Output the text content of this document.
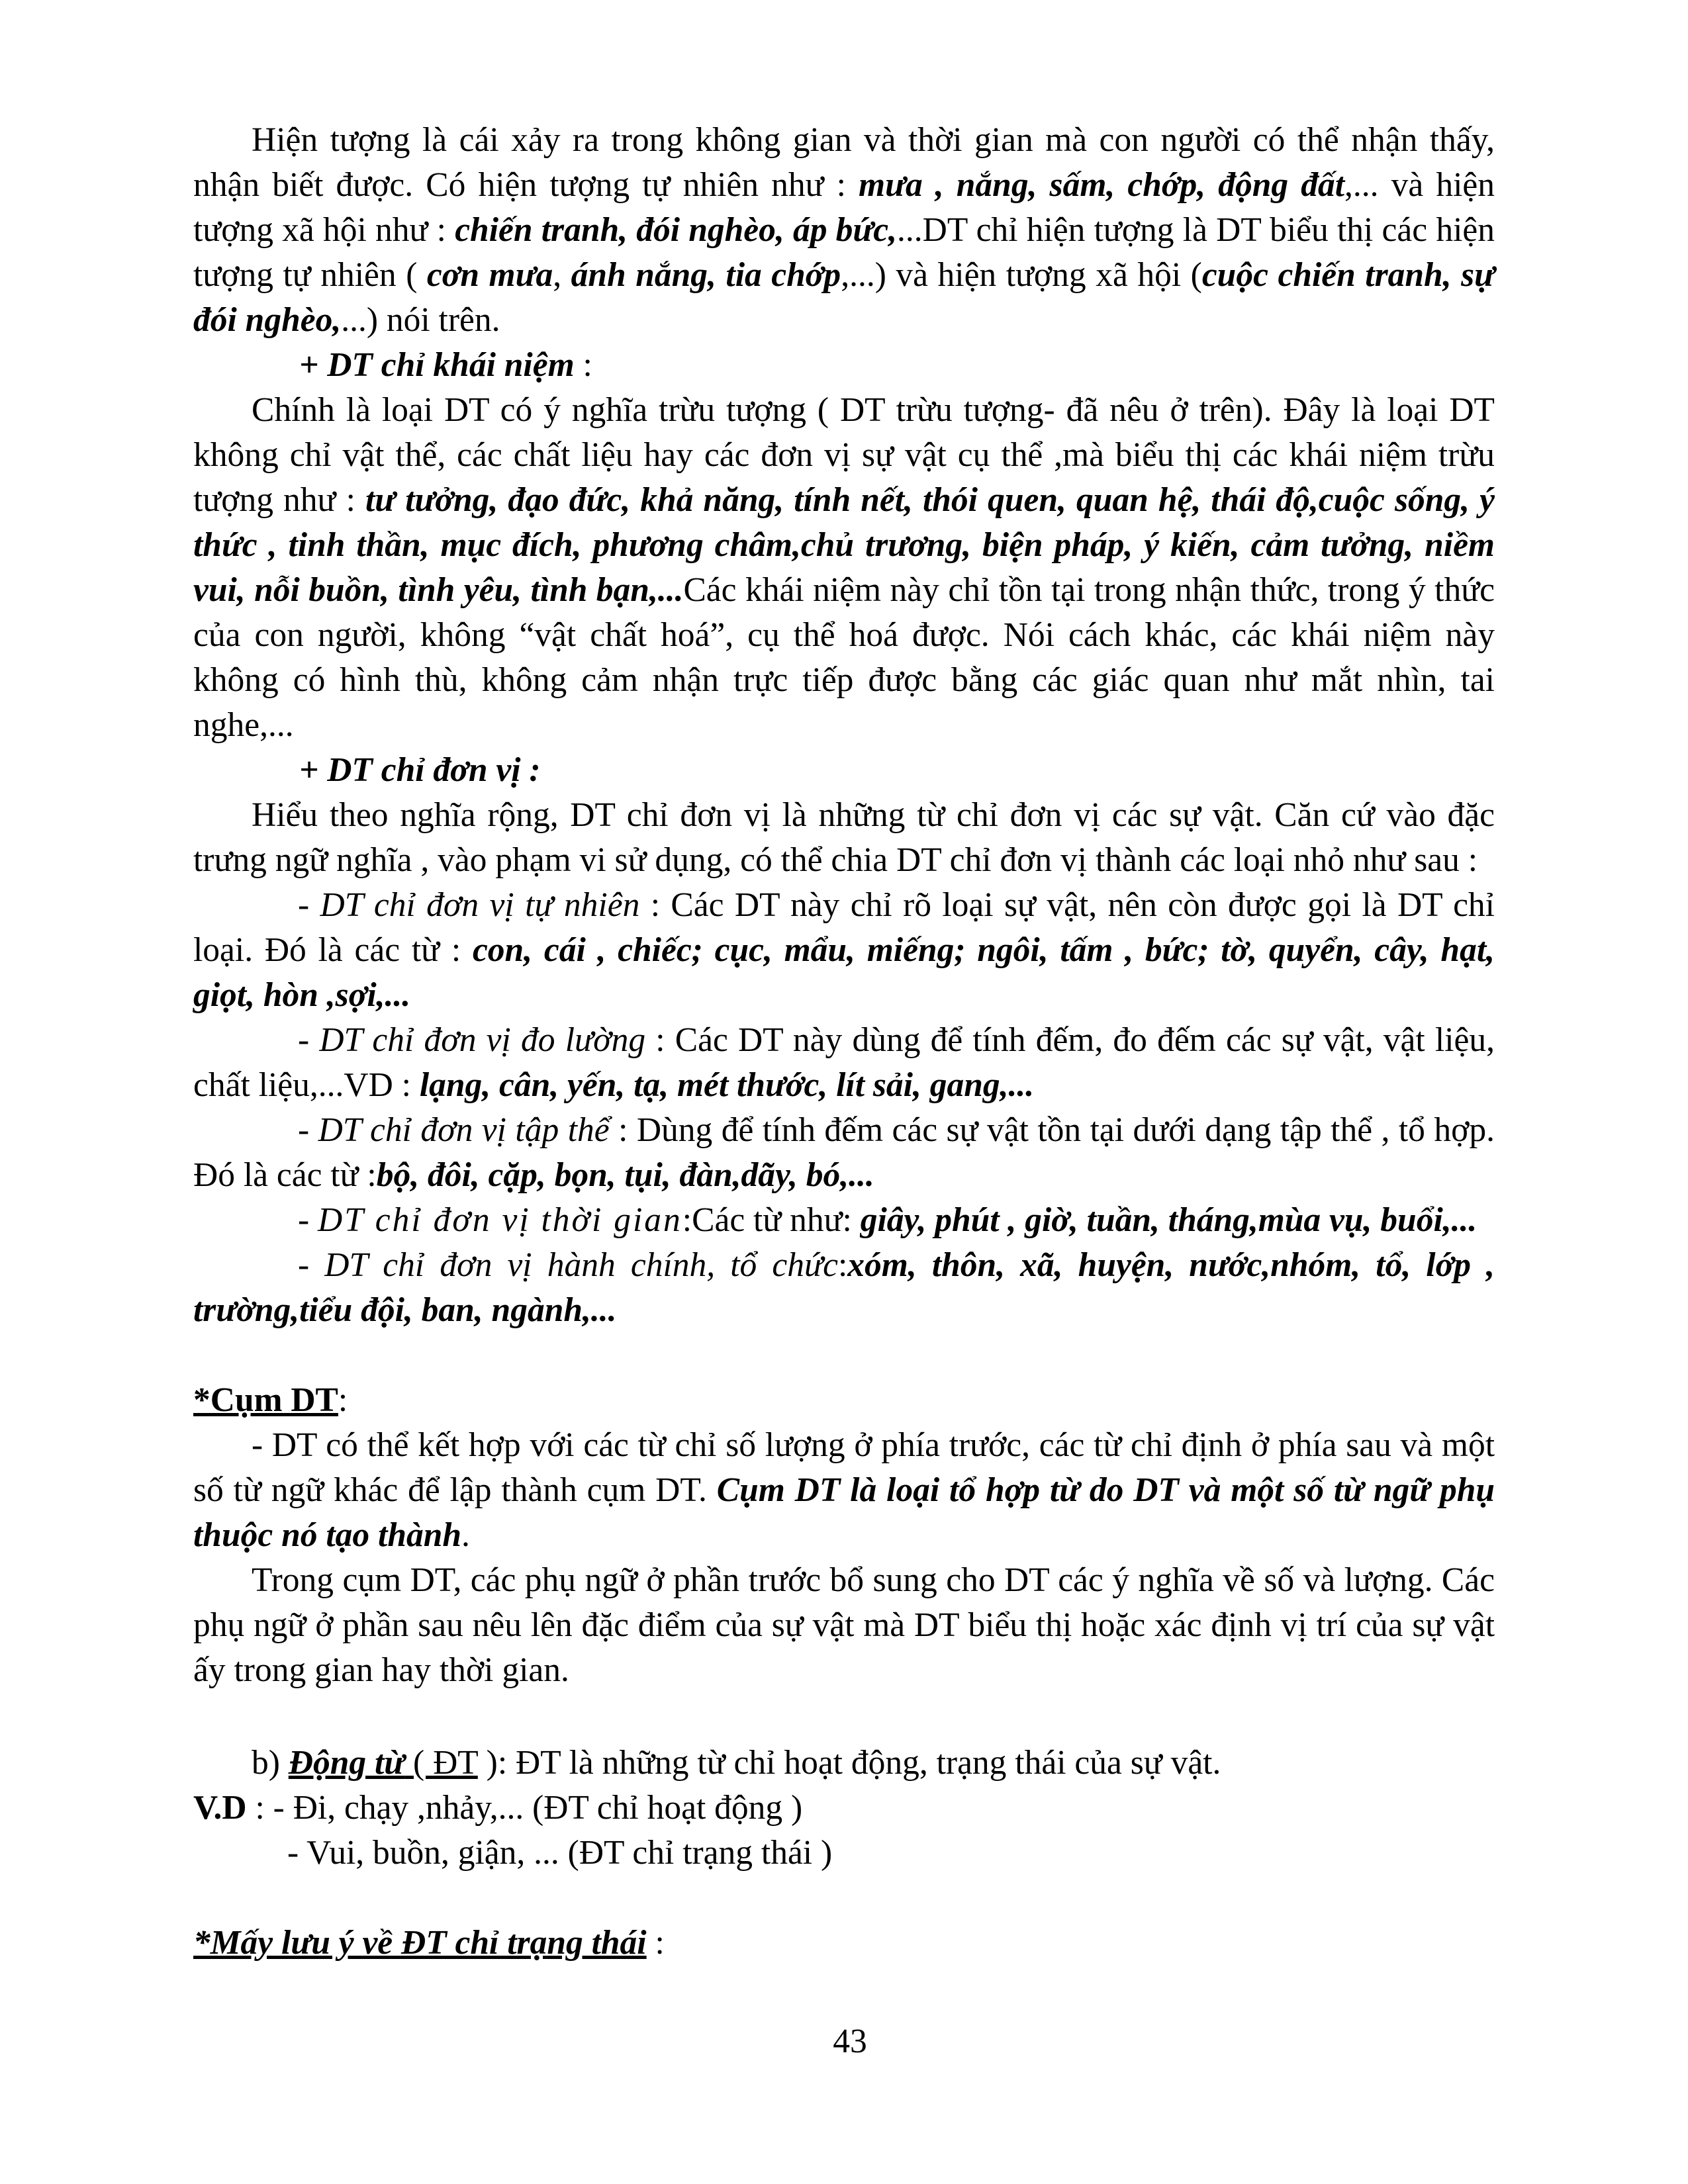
Hiện tượng là cái xảy ra trong không gian và thời gian mà con người có thể nhận thấy, nhận biết được. Có hiện tượng tự nhiên như : mưa , nắng, sấm, chớp, động đất,... và hiện tượng xã hội như : chiến tranh, đói nghèo, áp bức,...DT chỉ hiện tượng là DT biểu thị các hiện tượng tự nhiên ( cơn mưa, ánh nắng, tia chớp,...) và hiện tượng xã hội (cuộc chiến tranh, sự đói nghèo,...) nói trên.

+ DT chỉ khái niệm :

Chính là loại DT có ý nghĩa trừu tượng ( DT trừu tượng- đã nêu ở trên). Đây là loại DT không chỉ vật thể, các chất liệu hay các đơn vị sự vật cụ thể ,mà biểu thị các khái niệm trừu tượng như : tư tưởng, đạo đức, khả năng, tính nết, thói quen, quan hệ, thái độ,cuộc sống, ý thức , tinh thần, mục đích, phương châm,chủ trương, biện pháp, ý kiến, cảm tưởng, niềm vui, nỗi buồn, tình yêu, tình bạn,...Các khái niệm này chỉ tồn tại trong nhận thức, trong ý thức của con người, không “vật chất hoá”, cụ thể hoá được. Nói cách khác, các khái niệm này không có hình thù, không cảm nhận trực tiếp được bằng các giác quan như mắt nhìn, tai nghe,...

+ DT chỉ đơn vị :

Hiểu theo nghĩa rộng, DT chỉ đơn vị là những từ chỉ đơn vị các sự vật. Căn cứ vào đặc trưng ngữ nghĩa , vào phạm vi sử dụng, có thể chia DT chỉ đơn vị thành các loại nhỏ như sau :

- DT chỉ đơn vị tự nhiên : Các DT này chỉ rõ loại sự vật, nên còn được gọi là DT chỉ loại. Đó là các từ : con, cái , chiếc; cục, mẩu, miếng; ngôi, tấm , bức; tờ, quyển, cây, hạt, giọt, hòn ,sợi,...

- DT chỉ đơn vị đo lường : Các DT này dùng để tính đếm, đo đếm các sự vật, vật liệu, chất liệu,...VD : lạng, cân, yến, tạ, mét thước, lít sải, gang,...

- DT chỉ đơn vị tập thể : Dùng để tính đếm các sự vật tồn tại dưới dạng tập thể , tổ hợp. Đó là các từ :bộ, đôi, cặp, bọn, tụi, đàn,dãy, bó,...

- DT chỉ đơn vị thời gian:Các từ như: giây, phút , giờ, tuần, tháng,mùa vụ, buổi,...

- DT chỉ đơn vị hành chính, tổ chức:xóm, thôn, xã, huyện, nước,nhóm, tổ, lớp , trường,tiểu đội, ban, ngành,...

*Cụm DT:

- DT có thể kết hợp với các từ chỉ số lượng ở phía trước, các từ chỉ định ở phía sau và một số từ ngữ khác để lập thành cụm DT. Cụm DT là loại tổ hợp từ do DT và một số từ ngữ phụ thuộc nó tạo thành.

Trong cụm DT, các phụ ngữ ở phần trước bổ sung cho DT các ý nghĩa về số và lượng. Các phụ ngữ ở phần sau nêu lên đặc điểm của sự vật mà DT biểu thị hoặc xác định vị trí của sự vật ấy trong gian hay thời gian.

b) Động từ ( ĐT ): ĐT là những từ chỉ hoạt động, trạng thái của sự vật.

V.D : - Đi, chạy ,nhảy,... (ĐT chỉ hoạt động )

- Vui, buồn, giận, ... (ĐT chỉ trạng thái )

*Mấy lưu ý về ĐT chỉ trạng thái :

43
